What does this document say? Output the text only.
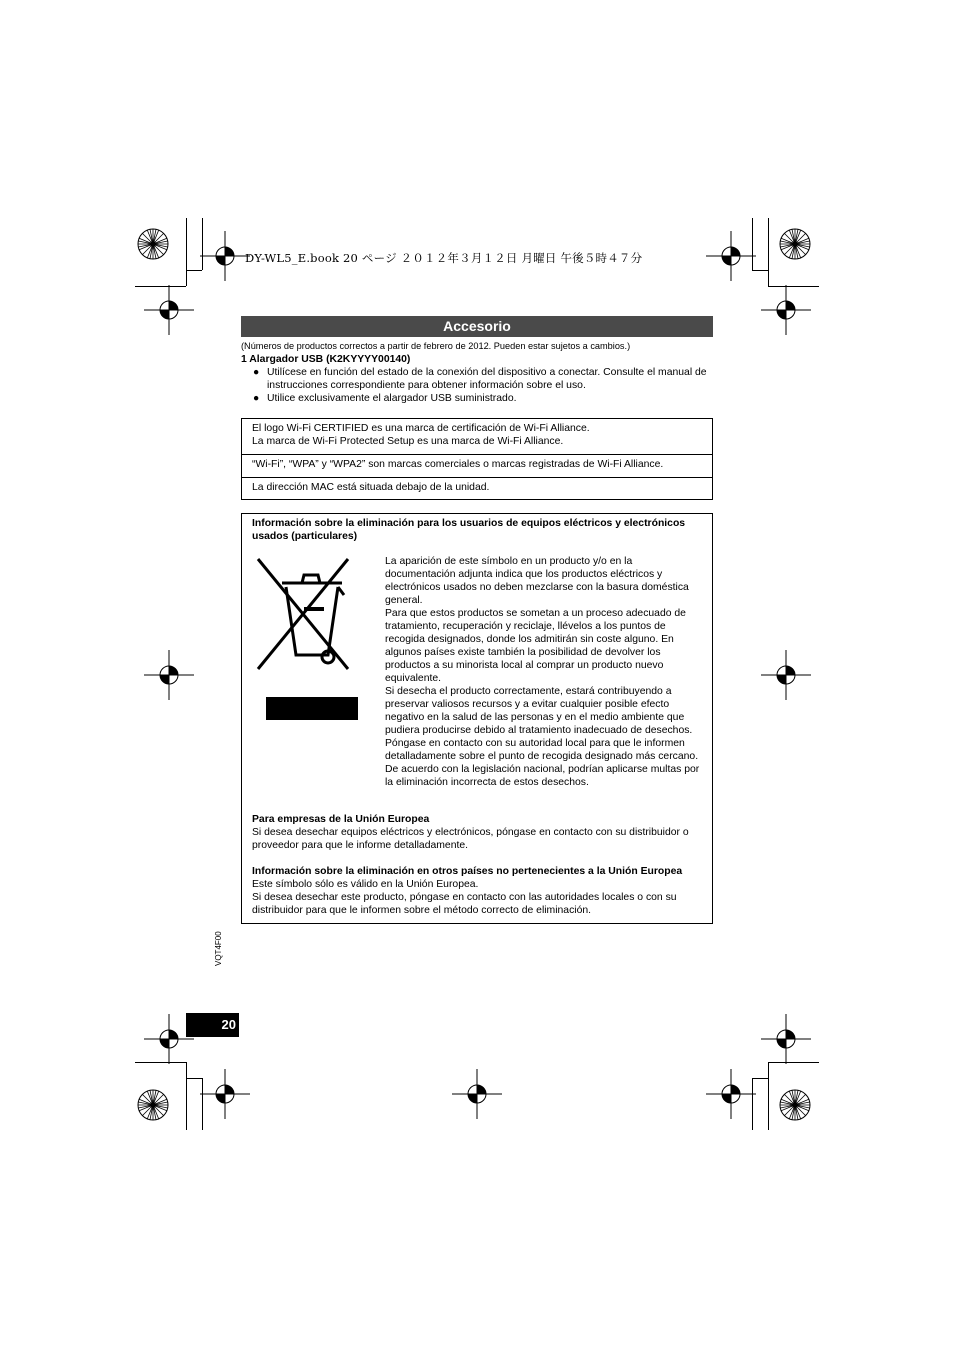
DY-WL5_E.book 20 ページ ２０１２年３月１２日 月曜日 午後５時４７分
Accesorio
(Números de productos correctos a partir de febrero de 2012. Pueden estar sujetos a cambios.)
1 Alargador USB (K2KYYYY00140)
● Utilícese en función del estado de la conexión del dispositivo a conectar. Consulte el manual de instrucciones correspondiente para obtener información sobre el uso.
● Utilice exclusivamente el alargador USB suministrado.
El logo Wi-Fi CERTIFIED es una marca de certificación de Wi-Fi Alliance.
La marca de Wi-Fi Protected Setup es una marca de Wi-Fi Alliance.
“Wi-Fi”, “WPA” y “WPA2” son marcas comerciales o marcas registradas de Wi-Fi Alliance.
La dirección MAC está situada debajo de la unidad.
Información sobre la eliminación para los usuarios de equipos eléctricos y electrónicos usados (particulares)
La aparición de este símbolo en un producto y/o en la documentación adjunta indica que los productos eléctricos y electrónicos usados no deben mezclarse con la basura doméstica general.
Para que estos productos se sometan a un proceso adecuado de tratamiento, recuperación y reciclaje, llévelos a los puntos de recogida designados, donde los admitirán sin coste alguno. En algunos países existe también la posibilidad de devolver los productos a su minorista local al comprar un producto nuevo equivalente.
Si desecha el producto correctamente, estará contribuyendo a preservar valiosos recursos y a evitar cualquier posible efecto negativo en la salud de las personas y en el medio ambiente que pudiera producirse debido al tratamiento inadecuado de desechos. Póngase en contacto con su autoridad local para que le informen detalladamente sobre el punto de recogida designado más cercano.
De acuerdo con la legislación nacional, podrían aplicarse multas por la eliminación incorrecta de estos desechos.
Para empresas de la Unión Europea
Si desea desechar equipos eléctricos y electrónicos, póngase en contacto con su distribuidor o proveedor para que le informe detalladamente.
Información sobre la eliminación en otros países no pertenecientes a la Unión Europea
Este símbolo sólo es válido en la Unión Europea.
Si desea desechar este producto, póngase en contacto con las autoridades locales o con su distribuidor para que le informen sobre el método correcto de eliminación.
VQT4F00
20
